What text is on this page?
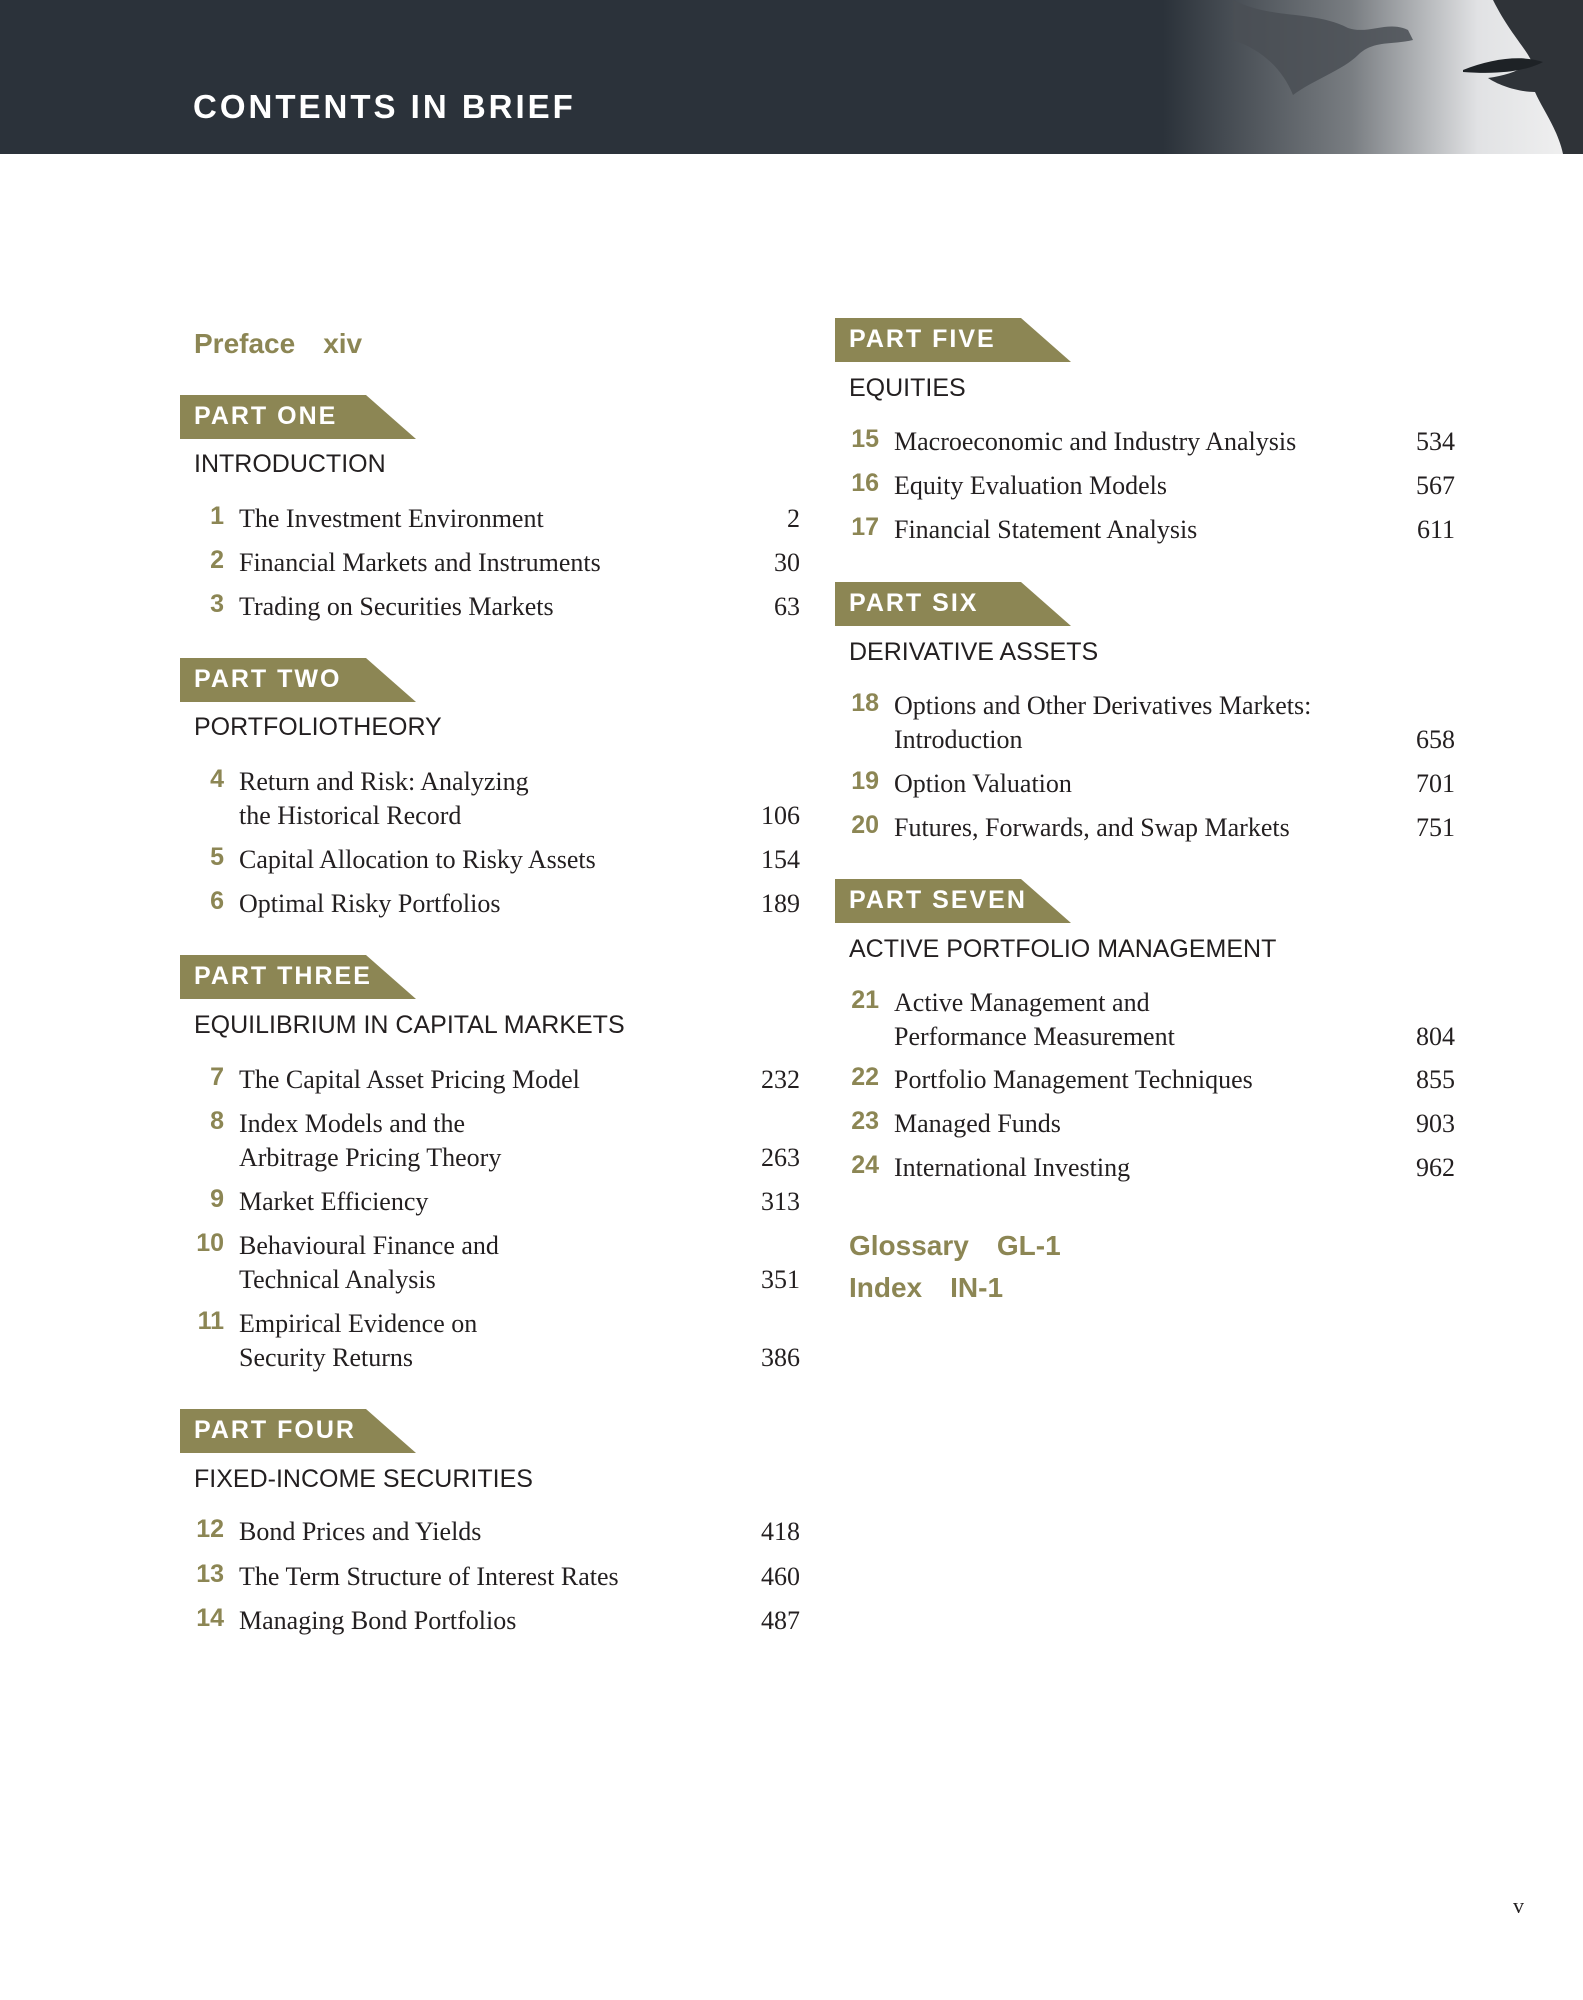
CONTENTS IN BRIEF
Preface xiv
PART ONE
INTRODUCTION
1 The Investment Environment	2
2 Financial Markets and Instruments	30
3 Trading on Securities Markets	63
PART TWO
PORTFOLIOTHEORY
4 Return and Risk: Analyzing
the Historical Record	106
5 Capital Allocation to Risky Assets	154
6 Optimal Risky Portfolios	189
PART THREE
EQUILIBRIUM IN CAPITAL MARKETS
7 The Capital Asset Pricing Model	232
8 Index Models and the
Arbitrage Pricing Theory	263
9 Market Efficiency	313
10 Behavioural Finance and
Technical Analysis	351
11 Empirical Evidence on
Security Returns	386
PART FOUR
FIXED-INCOME SECURITIES
12 Bond Prices and Yields	418
13 The Term Structure of Interest Rates	460
14 Managing Bond Portfolios	487
PART FIVE
EQUITIES
15 Macroeconomic and Industry Analysis	534
16 Equity Evaluation Models	567
17 Financial Statement Analysis	611
PART SIX
DERIVATIVE ASSETS
18 Options and Other Derivatives Markets:
Introduction	658
19 Option Valuation	701
20 Futures, Forwards, and Swap Markets	751
PART SEVEN
ACTIVE PORTFOLIO MANAGEMENT
21 Active Management and
Performance Measurement	804
22 Portfolio Management Techniques	855
23 Managed Funds	903
24 International Investing	962
Glossary GL-1
Index IN-1
v
